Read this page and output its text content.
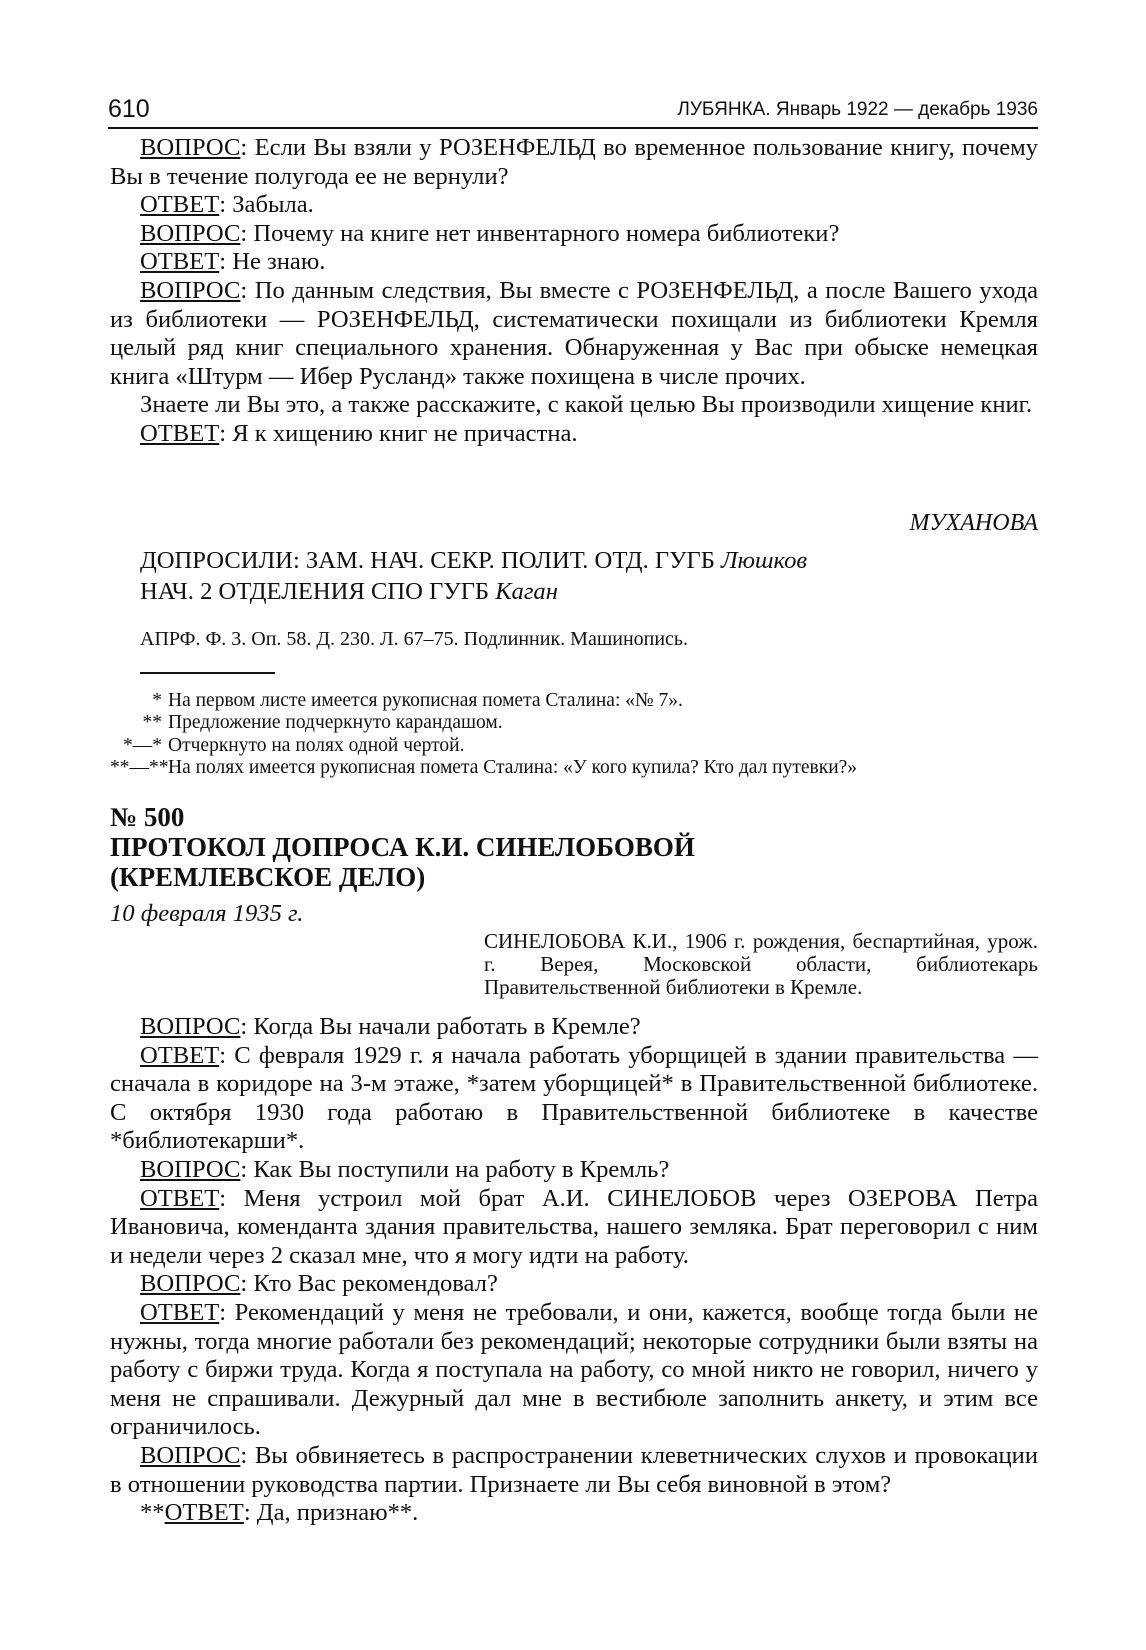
610	ЛУБЯНКА. Январь 1922 — декабрь 1936

ВОПРОС: Если Вы взяли у РОЗЕНФЕЛЬД во временное пользование книгу, почему Вы в течение полугода ее не вернули?

ОТВЕТ: Забыла.

ВОПРОС: Почему на книге нет инвентарного номера библиотеки?

ОТВЕТ: Не знаю.

ВОПРОС: По данным следствия, Вы вместе с РОЗЕНФЕЛЬД, а после Вашего ухода из библиотеки — РОЗЕНФЕЛЬД, систематически похищали из библиотеки Кремля целый ряд книг специального хранения. Обнаруженная у Вас при обыске немецкая книга «Штурм — Ибер Русланд» также похищена в числе прочих.

Знаете ли Вы это, а также расскажите, с какой целью Вы производили хищение книг.

ОТВЕТ: Я к хищению книг не причастна.

МУХАНОВА
ДОПРОСИЛИ: ЗАМ. НАЧ. СЕКР. ПОЛИТ. ОТД. ГУГБ Люшков
НАЧ. 2 ОТДЕЛЕНИЯ СПО ГУГБ Каган
АПРФ. Ф. 3. Оп. 58. Д. 230. Л. 67–75. Подлинник. Машинопись.

* На первом листе имеется рукописная помета Сталина: «№ 7».

** Предложение подчеркнуто карандашом.

*—* Отчеркнуто на полях одной чертой.

**—**На полях имеется рукописная помета Сталина: «У кого купила? Кто дал путевки?»

№ 500
ПРОТОКОЛ ДОПРОСА К.И. СИНЕЛОБОВОЙ
(КРЕМЛЕВСКОЕ ДЕЛО)
10 февраля 1935 г.

СИНЕЛОБОВА К.И., 1906 г. рождения, беспартийная, урож. г. Верея, Московской области, библиотекарь Правительственной библиотеки в Кремле.

ВОПРОС: Когда Вы начали работать в Кремле?

ОТВЕТ: С февраля 1929 г. я начала работать уборщицей в здании правительства — сначала в коридоре на 3-м этаже, *затем уборщицей* в Правительственной библиотеке. С октября 1930 года работаю в Правительственной библиотеке в качестве *библиотекарши*.

ВОПРОС: Как Вы поступили на работу в Кремль?

ОТВЕТ: Меня устроил мой брат А.И. СИНЕЛОБОВ через ОЗЕРОВА Петра Ивановича, коменданта здания правительства, нашего земляка. Брат переговорил с ним и недели через 2 сказал мне, что я могу идти на работу.

ВОПРОС: Кто Вас рекомендовал?

ОТВЕТ: Рекомендаций у меня не требовали, и они, кажется, вообще тогда были не нужны, тогда многие работали без рекомендаций; некоторые сотрудники были взяты на работу с биржи труда. Когда я поступала на работу, со мной никто не говорил, ничего у меня не спрашивали. Дежурный дал мне в вестибюле заполнить анкету, и этим все ограничилось.

ВОПРОС: Вы обвиняетесь в распространении клеветнических слухов и провокации в отношении руководства партии. Признаете ли Вы себя виновной в этом?

**ОТВЕТ: Да, признаю**.
